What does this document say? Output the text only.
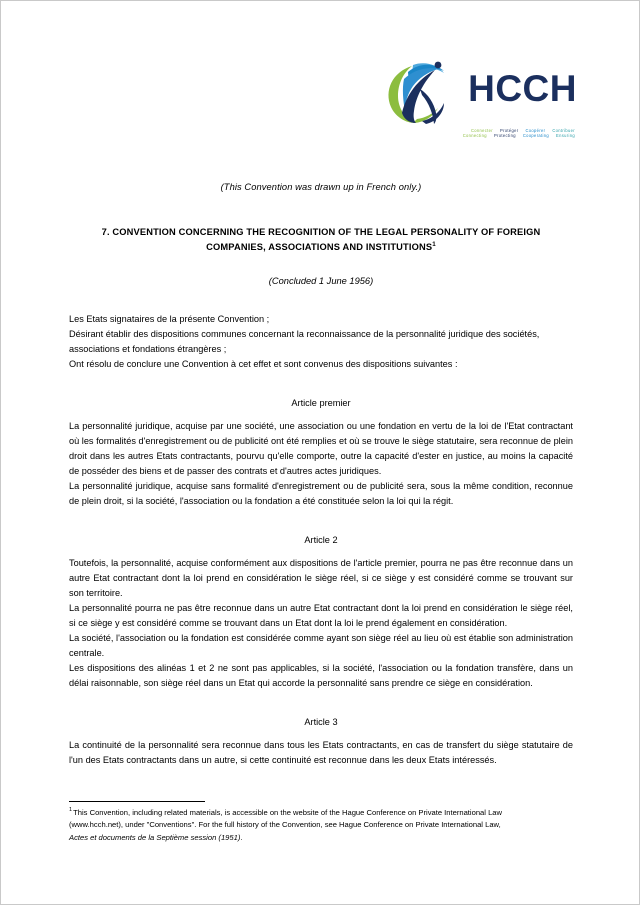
HCCH
Connecter Protéger Coopérer Contribuer
Connecting Protecting Cooperating Ensuring
(This Convention was drawn up in French only.)
7. CONVENTION CONCERNING THE RECOGNITION OF THE LEGAL PERSONALITY OF FOREIGN COMPANIES, ASSOCIATIONS AND INSTITUTIONS$^1$
(Concluded 1 June 1956)
Les Etats signataires de la présente Convention ;
Désirant établir des dispositions communes concernant la reconnaissance de la personnalité juridique des sociétés, associations et fondations étrangères ;
Ont résolu de conclure une Convention à cet effet et sont convenus des dispositions suivantes :
Article premier

La personnalité juridique, acquise par une société, une association ou une fondation en vertu de la loi de l'Etat contractant où les formalités d'enregistrement ou de publicité ont été remplies et où se trouve le siège statutaire, sera reconnue de plein droit dans les autres Etats contractants, pourvu qu'elle comporte, outre la capacité d'ester en justice, au moins la capacité de posséder des biens et de passer des contrats et d'autres actes juridiques.

La personnalité juridique, acquise sans formalité d'enregistrement ou de publicité sera, sous la même condition, reconnue de plein droit, si la société, l'association ou la fondation a été constituée selon la loi qui la régit.

Article 2

Toutefois, la personnalité, acquise conformément aux dispositions de l'article premier, pourra ne pas être reconnue dans un autre Etat contractant dont la loi prend en considération le siège réel, si ce siège y est considéré comme se trouvant sur son territoire.

La personnalité pourra ne pas être reconnue dans un autre Etat contractant dont la loi prend en considération le siège réel, si ce siège y est considéré comme se trouvant dans un Etat dont la loi le prend également en considération.

La société, l'association ou la fondation est considérée comme ayant son siège réel au lieu où est établie son administration centrale.

Les dispositions des alinéas 1 et 2 ne sont pas applicables, si la société, l'association ou la fondation transfère, dans un délai raisonnable, son siège réel dans un Etat qui accorde la personnalité sans prendre ce siège en considération.

Article 3

La continuité de la personnalité sera reconnue dans tous les Etats contractants, en cas de transfert du siège statutaire de l'un des Etats contractants dans un autre, si cette continuité est reconnue dans les deux Etats intéressés.

$^1$This Convention, including related materials, is accessible on the website of the Hague Conference on Private International Law (www.hcch.net), under "Conventions". For the full history of the Convention, see Hague Conference on Private International Law, Actes et documents de la Septième session (1951).
